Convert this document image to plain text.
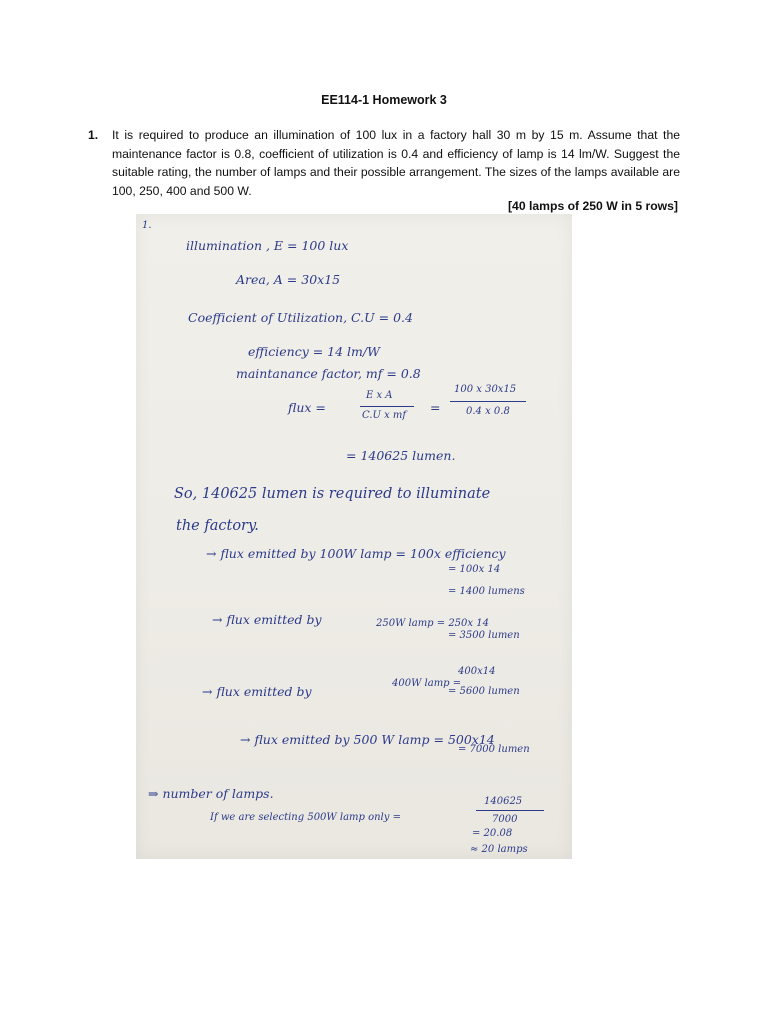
EE114-1 Homework 3
1. It is required to produce an illumination of 100 lux in a factory hall 30 m by 15 m. Assume that the maintenance factor is 0.8, coefficient of utilization is 0.4 and efficiency of lamp is 14 lm/W. Suggest the suitable rating, the number of lamps and their possible arrangement. The sizes of the lamps available are 100, 250, 400 and 500 W.
[40 lamps of 250 W in 5 rows]
1.
illumination , E = 100 lux
Area, A = 30x15
Coefficient of Utilization, C.U = 0.4
efficiency = 14 lm/W
maintanance factor, mf = 0.8
flux =
E x A
C.U x mf
=
100 x 30x15
0.4 x 0.8
= 140625 lumen.
So, 140625 lumen is required to illuminate
the factory.
→ flux emitted by 100W lamp = 100x efficiency
= 100x 14
= 1400 lumens
→ flux emitted by	250W lamp = 250x 14
= 3500 lumen
→ flux emitted by
400W lamp =
400x14
= 5600 lumen
→ flux emitted by 500 W lamp = 500x14
= 7000 lumen
⇒ number of lamps.
If we are selecting 500W lamp only =
140625
7000
= 20.08
≈ 20 lamps
